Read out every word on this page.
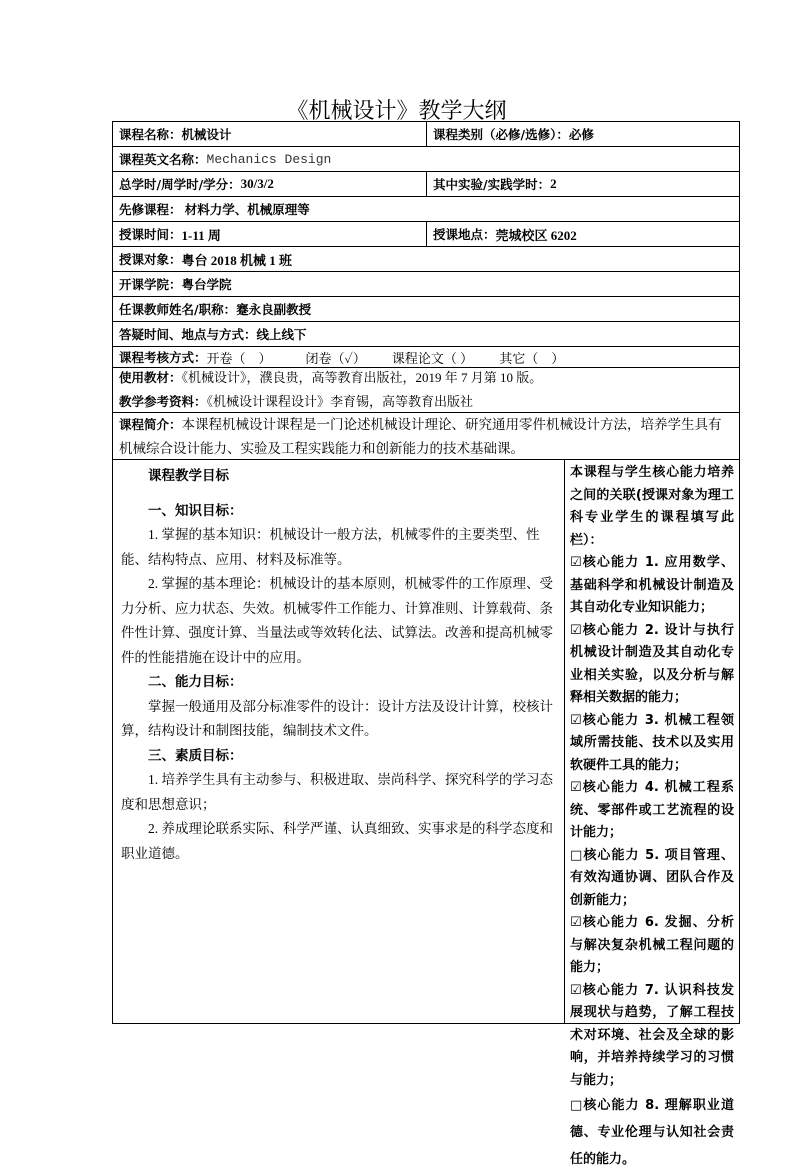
《机械设计》教学大纲
课程名称： 机械设计	课程类别（必修/选修）： 必修
课程英文名称： Mechanics Design
总学时/周学时/学分： 30/3/2	其中实验/实践学时： 2
先修课程：
材料力学、机械原理等
授课时间： 1-11 周	授课地点： 莞城校区 6202
授课对象： 粤台 2018 机械 1 班
开课学院： 粤台学院
任课教师姓名/职称： 蹇永良副教授
答疑时间、地点与方式： 线上线下
课程考核方式： 开卷（　）	闭卷（✓） 课程论文（ ） 其它（　）
使用教材：《机械设计》，濮良贵，高等教育出版社，2019 年 7 月第 10 版。
教学参考资料：《机械设计课程设计》李育锡，高等教育出版社
课程简介：本课程机械设计课程是一门论述机械设计理论、研究通用零件机械设计方法，培养学生具有机械综合设计能力、实验及工程实践能力和创新能力的技术基础课。

课程教学目标

一、知识目标：

1. 掌握的基本知识：机械设计一般方法，机械零件的主要类型、性能、结构特点、应用、材料及标准等。

2. 掌握的基本理论：机械设计的基本原则，机械零件的工作原理、受力分析、应力状态、失效。机械零件工作能力、计算准则、计算载荷、条件性计算、强度计算、当量法或等效转化法、试算法。改善和提高机械零件的性能措施在设计中的应用。

二、能力目标：

掌握一般通用及部分标准零件的设计：设计方法及设计计算，校核计算，结构设计和制图技能，编制技术文件。

三、素质目标：

1. 培养学生具有主动参与、积极进取、崇尚科学、探究科学的学习态度和思想意识；

2. 养成理论联系实际、科学严谨、认真细致、实事求是的科学态度和职业道德。

本课程与学生核心能力培养之间的关联(授课对象为理工科专业学生的课程填写此栏）：
☑核心能力 1. 应用数学、基础科学和机械设计制造及其自动化专业知识能力；
☑核心能力 2. 设计与执行机械设计制造及其自动化专业相关实验，以及分析与解释相关数据的能力；
☑核心能力 3. 机械工程领域所需技能、技术以及实用软硬件工具的能力；
☑核心能力 4. 机械工程系统、零部件或工艺流程的设计能力；
□核心能力 5. 项目管理、有效沟通协调、团队合作及创新能力；
☑核心能力 6. 发掘、分析与解决复杂机械工程问题的能力；
☑核心能力 7. 认识科技发展现状与趋势，了解工程技术对环境、社会及全球的影响，并培养持续学习的习惯与能力；
□核心能力 8. 理解职业道德、专业伦理与认知社会责任的能力。
